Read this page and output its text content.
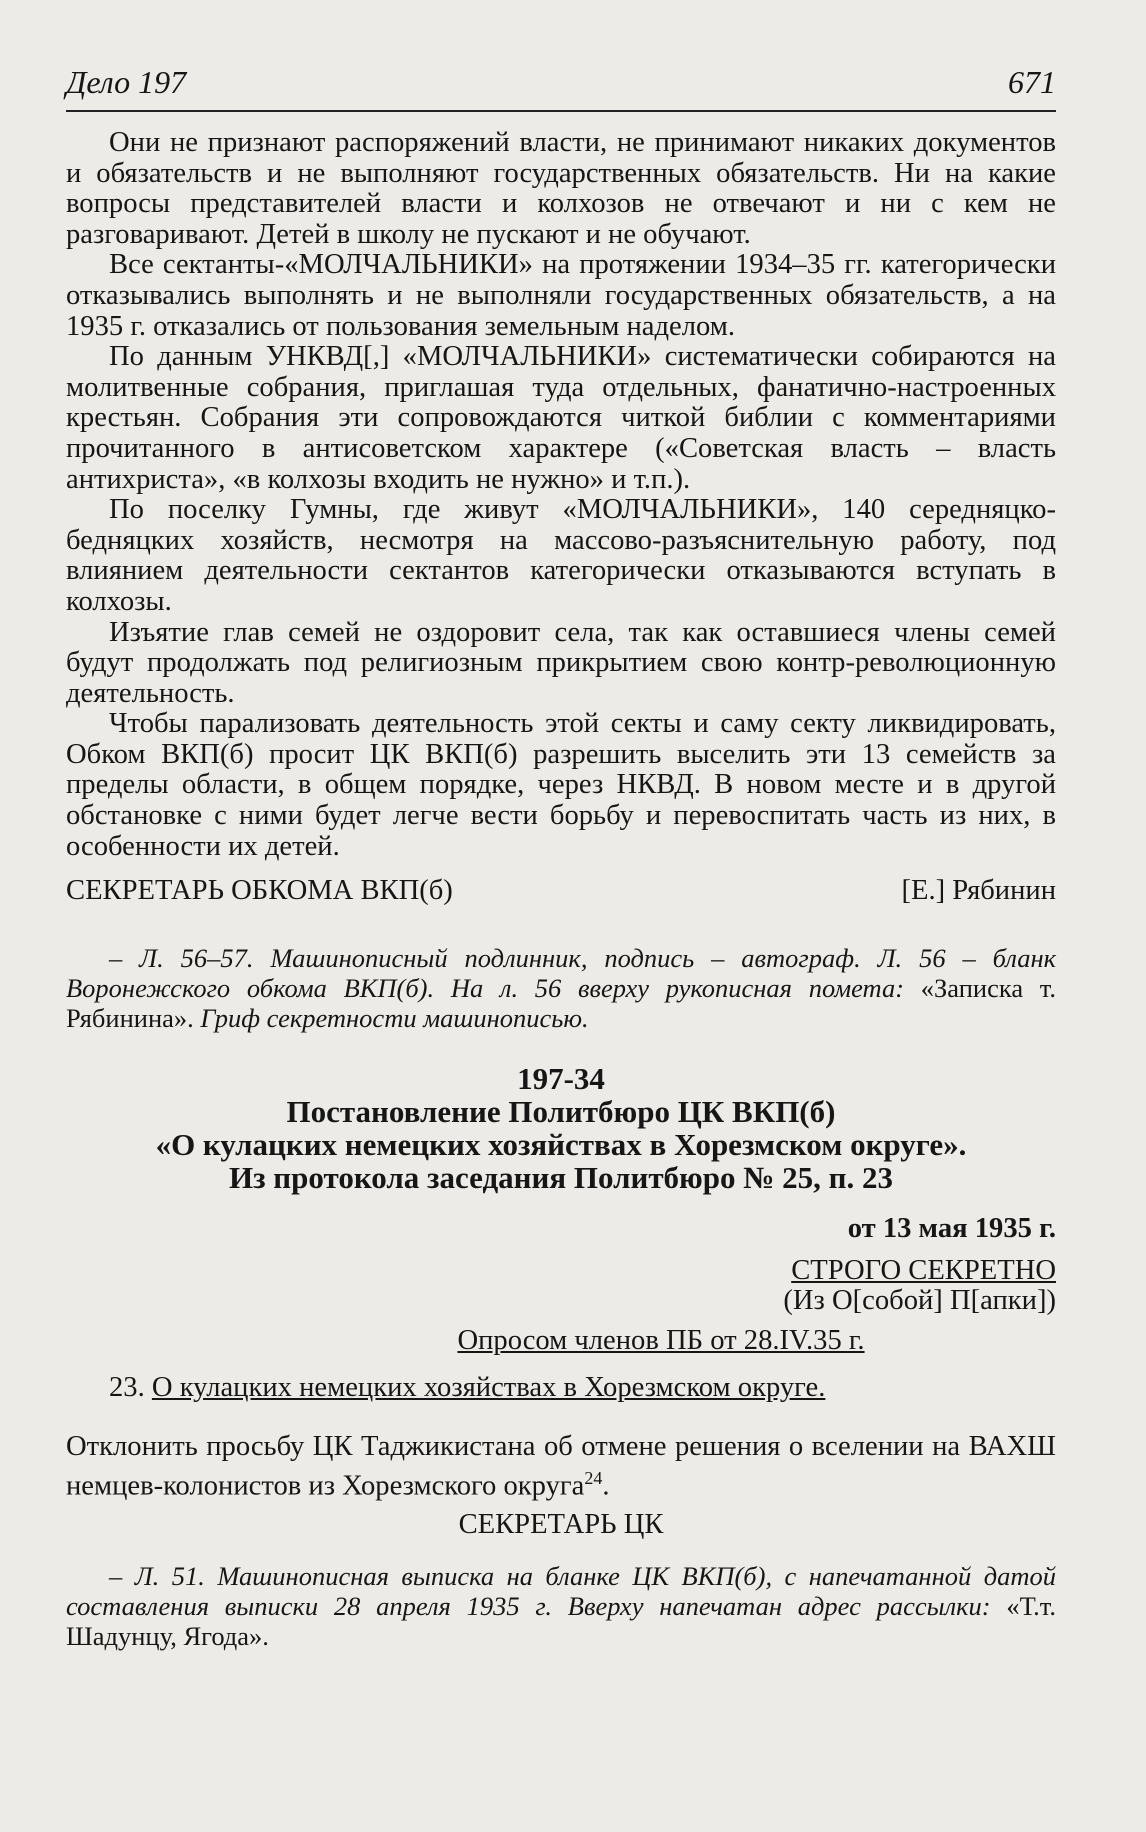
Дело 197	671

Они не признают распоряжений власти, не принимают никаких документов и обязательств и не выполняют государственных обязательств. Ни на какие вопросы представителей власти и колхозов не отвечают и ни с кем не разговаривают. Детей в школу не пускают и не обучают.

Все сектанты-«МОЛЧАЛЬНИКИ» на протяжении 1934–35 гг. категорически отказывались выполнять и не выполняли государственных обязательств, а на 1935 г. отказались от пользования земельным наделом.

По данным УНКВД[,] «МОЛЧАЛЬНИКИ» систематически собираются на молитвенные собрания, приглашая туда отдельных, фанатично-настроенных крестьян. Собрания эти сопровождаются читкой библии с комментариями прочитанного в антисоветском характере («Советская власть – власть антихриста», «в колхозы входить не нужно» и т.п.).

По поселку Гумны, где живут «МОЛЧАЛЬНИКИ», 140 середняцко-бедняцких хозяйств, несмотря на массово-разъяснительную работу, под влиянием деятельности сектантов категорически отказываются вступать в колхозы.

Изъятие глав семей не оздоровит села, так как оставшиеся члены семей будут продолжать под религиозным прикрытием свою контр-революционную деятельность.

Чтобы парализовать деятельность этой секты и саму секту ликвидировать, Обком ВКП(б) просит ЦК ВКП(б) разрешить выселить эти 13 семейств за пределы области, в общем порядке, через НКВД. В новом месте и в другой обстановке с ними будет легче вести борьбу и перевоспитать часть из них, в особенности их детей.

СЕКРЕТАРЬ ОБКОМА ВКП(б)	[Е.] Рябинин

– Л. 56–57. Машинописный подлинник, подпись – автограф. Л. 56 – бланк Воронежского обкома ВКП(б). На л. 56 вверху рукописная помета: «Записка т. Рябинина». Гриф секретности машинописью.

197-34
Постановление Политбюро ЦК ВКП(б)
«О кулацких немецких хозяйствах в Хорезмском округе».
Из протокола заседания Политбюро № 25, п. 23
от 13 мая 1935 г.
СТРОГО СЕКРЕТНО
(Из О[собой] П[апки])
Опросом членов ПБ от 28.IV.35 г.

23. О кулацких немецких хозяйствах в Хорезмском округе.

Отклонить просьбу ЦК Таджикистана об отмене решения о вселении на ВАХШ немцев-колонистов из Хорезмского округа$^{24}$.

СЕКРЕТАРЬ ЦК

– Л. 51. Машинописная выписка на бланке ЦК ВКП(б), с напечатанной датой составления выписки 28 апреля 1935 г. Вверху напечатан адрес рассылки: «Т.т. Шадунцу, Ягода».
